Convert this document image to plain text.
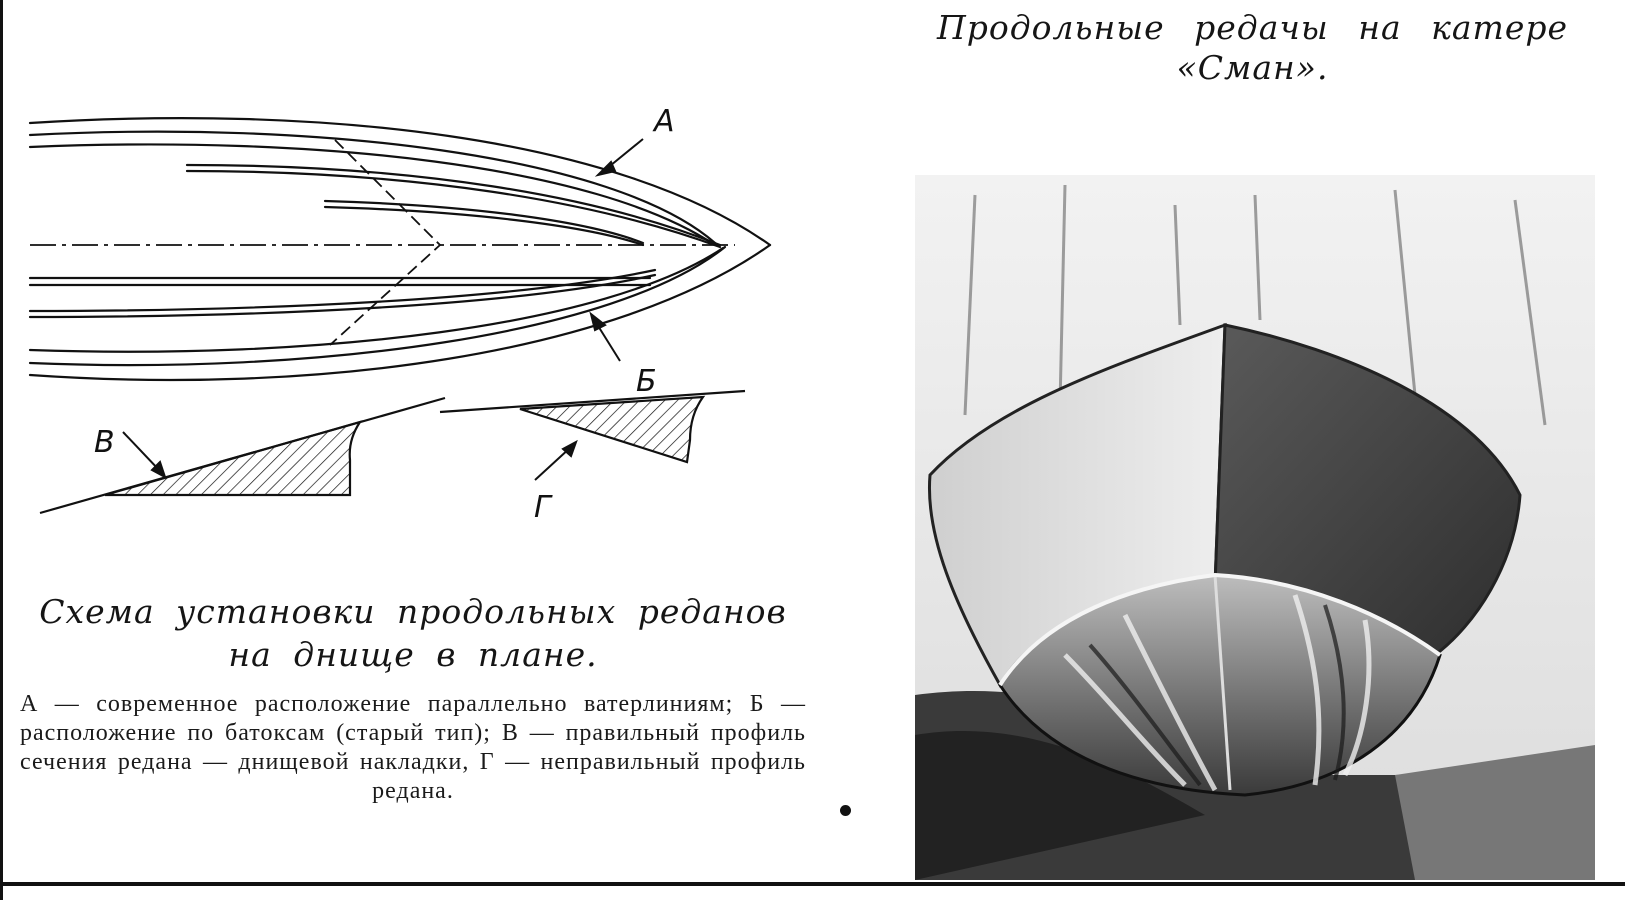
А
Б
В
Г
Схема установки продольных реданов на днище в плане.
А — современное расположение параллельно ватерлиниям; Б — расположение по батоксам (старый тип); В — правильный профиль сечения редана — днищевой накладки, Г — неправильный профиль редана.
Продольные редачы на катере
«Сман».
